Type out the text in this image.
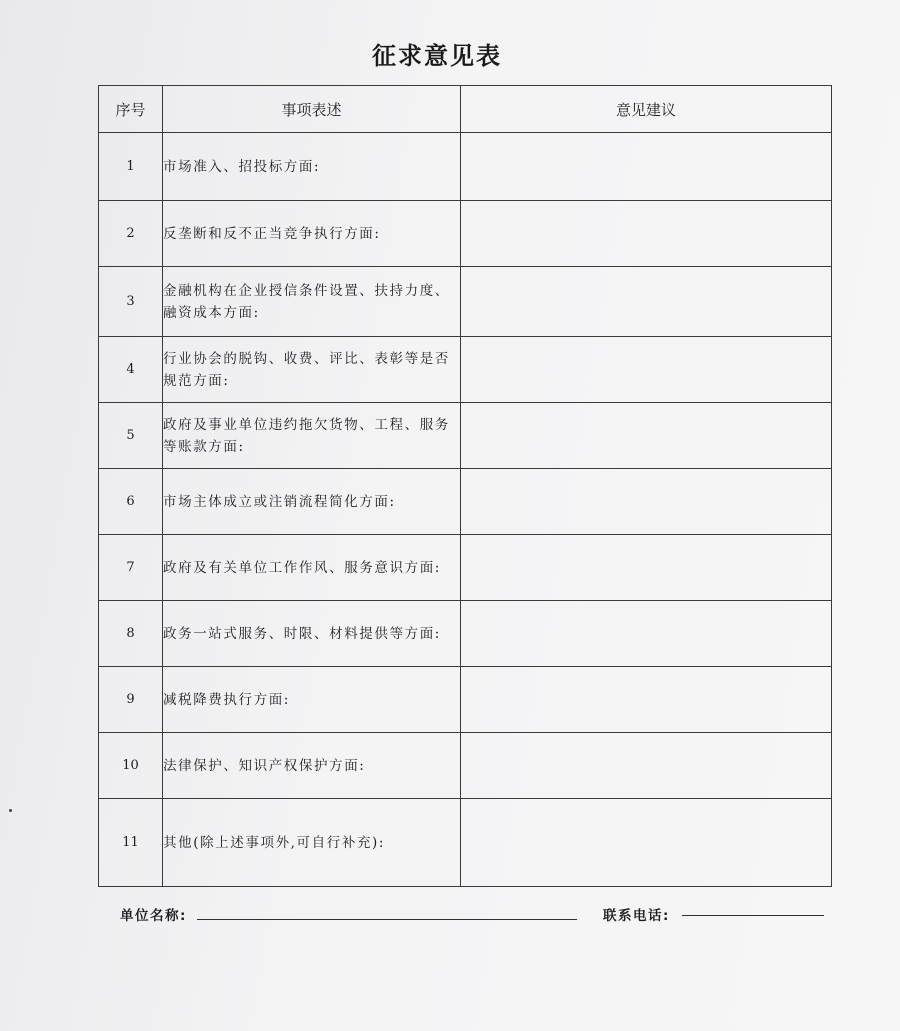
征求意见表
序号	事项表述	意见建议
1	市场准入、招投标方面:	
2	反垄断和反不正当竞争执行方面:	
3	金融机构在企业授信条件设置、扶持力度、融资成本方面:	
4	行业协会的脱钩、收费、评比、表彰等是否规范方面:	
5	政府及事业单位违约拖欠货物、工程、服务等账款方面:	
6	市场主体成立或注销流程简化方面:	
7	政府及有关单位工作作风、服务意识方面:	
8	政务一站式服务、时限、材料提供等方面:	
9	减税降费执行方面:	
10	法律保护、知识产权保护方面:	
11	其他(除上述事项外,可自行补充):	
单位名称:	联系电话:
